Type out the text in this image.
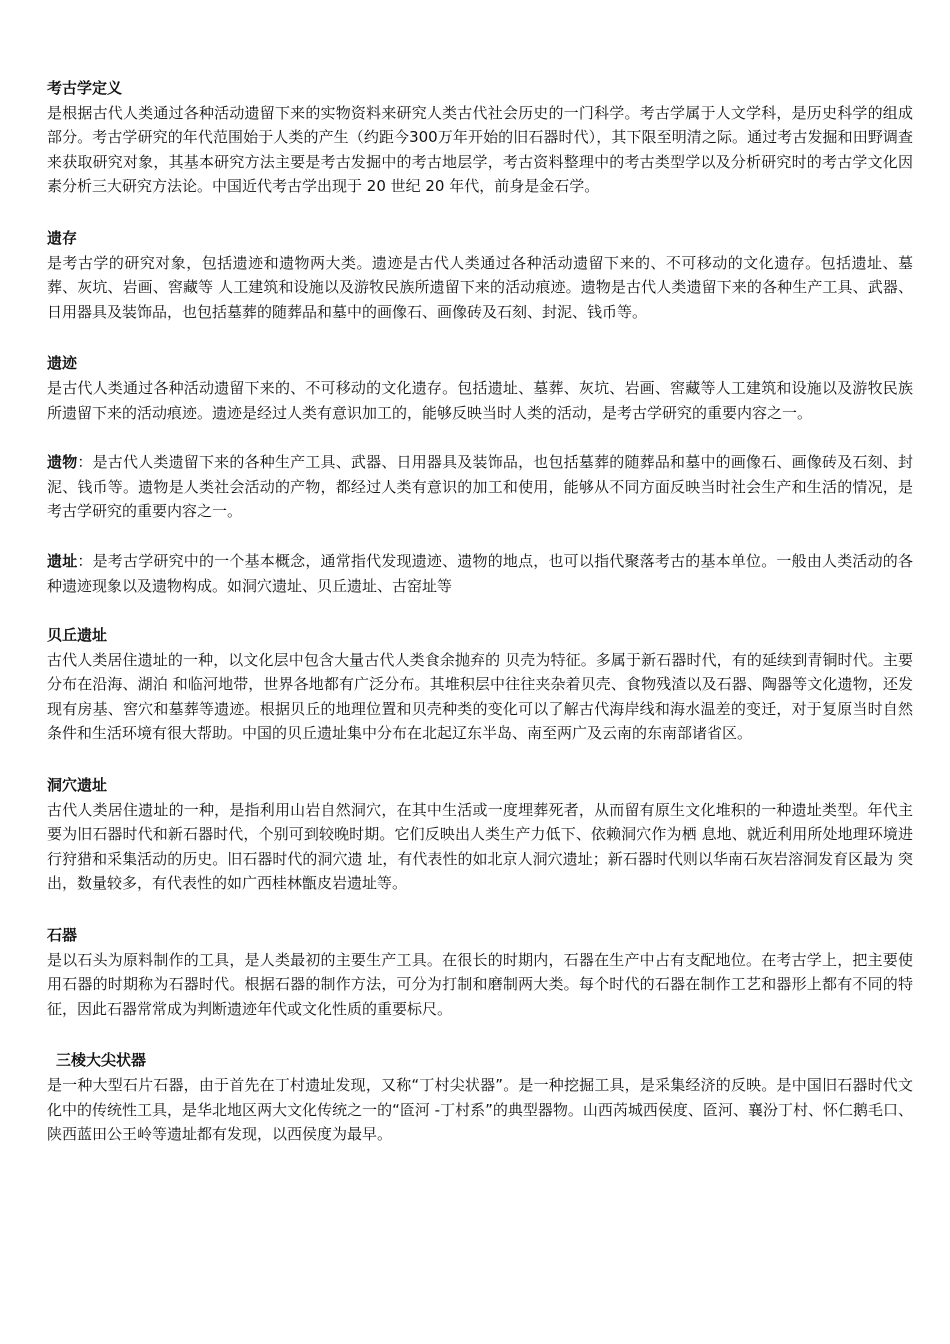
考古学定义
是根据古代人类通过各种活动遗留下来的实物资料来研究人类古代社会历史的一门科学。考古学属于人文学科，是历史科学的组成部分。考古学研究的年代范围始于人类的产生（约距今300万年开始的旧石器时代），其下限至明清之际。通过考古发掘和田野调查来获取研究对象，其基本研究方法主要是考古发掘中的考古地层学，考古资料整理中的考古类型学以及分析研究时的考古学文化因素分析三大研究方法论。中国近代考古学出现于 20 世纪 20 年代，前身是金石学。
遗存
是考古学的研究对象，包括遗迹和遗物两大类。遗迹是古代人类通过各种活动遗留下来的、不可移动的文化遗存。包括遗址、墓葬、灰坑、岩画、窖藏等 人工建筑和设施以及游牧民族所遗留下来的活动痕迹。遗物是古代人类遗留下来的各种生产工具、武器、日用器具及装饰品，也包括墓葬的随葬品和墓中的画像石、画像砖及石刻、封泥、钱币等。
遗迹
是古代人类通过各种活动遗留下来的、不可移动的文化遗存。包括遗址、墓葬、灰坑、岩画、窖藏等人工建筑和设施以及游牧民族所遗留下来的活动痕迹。遗迹是经过人类有意识加工的，能够反映当时人类的活动，是考古学研究的重要内容之一。
遗物：是古代人类遗留下来的各种生产工具、武器、日用器具及装饰品，也包括墓葬的随葬品和墓中的画像石、画像砖及石刻、封泥、钱币等。遗物是人类社会活动的产物，都经过人类有意识的加工和使用，能够从不同方面反映当时社会生产和生活的情况，是考古学研究的重要内容之一。
遗址：是考古学研究中的一个基本概念，通常指代发现遗迹、遗物的地点，也可以指代聚落考古的基本单位。一般由人类活动的各种遗迹现象以及遗物构成。如洞穴遗址、贝丘遗址、古窑址等
贝丘遗址
古代人类居住遗址的一种，以文化层中包含大量古代人类食余抛弃的 贝壳为特征。多属于新石器时代，有的延续到青铜时代。主要分布在沿海、湖泊 和临河地带，世界各地都有广泛分布。其堆积层中往往夹杂着贝壳、食物残渣以及石器、陶器等文化遗物，还发现有房基、窖穴和墓葬等遗迹。根据贝丘的地理位置和贝壳种类的变化可以了解古代海岸线和海水温差的变迁，对于复原当时自然条件和生活环境有很大帮助。中国的贝丘遗址集中分布在北起辽东半岛、南至两广及云南的东南部诸省区。
洞穴遗址
古代人类居住遗址的一种，是指利用山岩自然洞穴，在其中生活或一度埋葬死者，从而留有原生文化堆积的一种遗址类型。年代主要为旧石器时代和新石器时代，个别可到较晚时期。它们反映出人类生产力低下、依赖洞穴作为栖 息地、就近利用所处地理环境进行狩猎和采集活动的历史。旧石器时代的洞穴遗 址，有代表性的如北京人洞穴遗址；新石器时代则以华南石灰岩溶洞发育区最为 突出，数量较多，有代表性的如广西桂林甑皮岩遗址等。
石器
是以石头为原料制作的工具，是人类最初的主要生产工具。在很长的时期内，石器在生产中占有支配地位。在考古学上，把主要使用石器的时期称为石器时代。根据石器的制作方法，可分为打制和磨制两大类。每个时代的石器在制作工艺和器形上都有不同的特征，因此石器常常成为判断遗迹年代或文化性质的重要标尺。
三棱大尖状器
是一种大型石片石器，由于首先在丁村遗址发现，又称“丁村尖状器”。是一种挖掘工具，是采集经济的反映。是中国旧石器时代文化中的传统性工具，是华北地区两大文化传统之一的“匼河 -丁村系”的典型器物。山西芮城西侯度、匼河、襄汾丁村、怀仁鹅毛口、陕西蓝田公王岭等遗址都有发现，以西侯度为最早。
